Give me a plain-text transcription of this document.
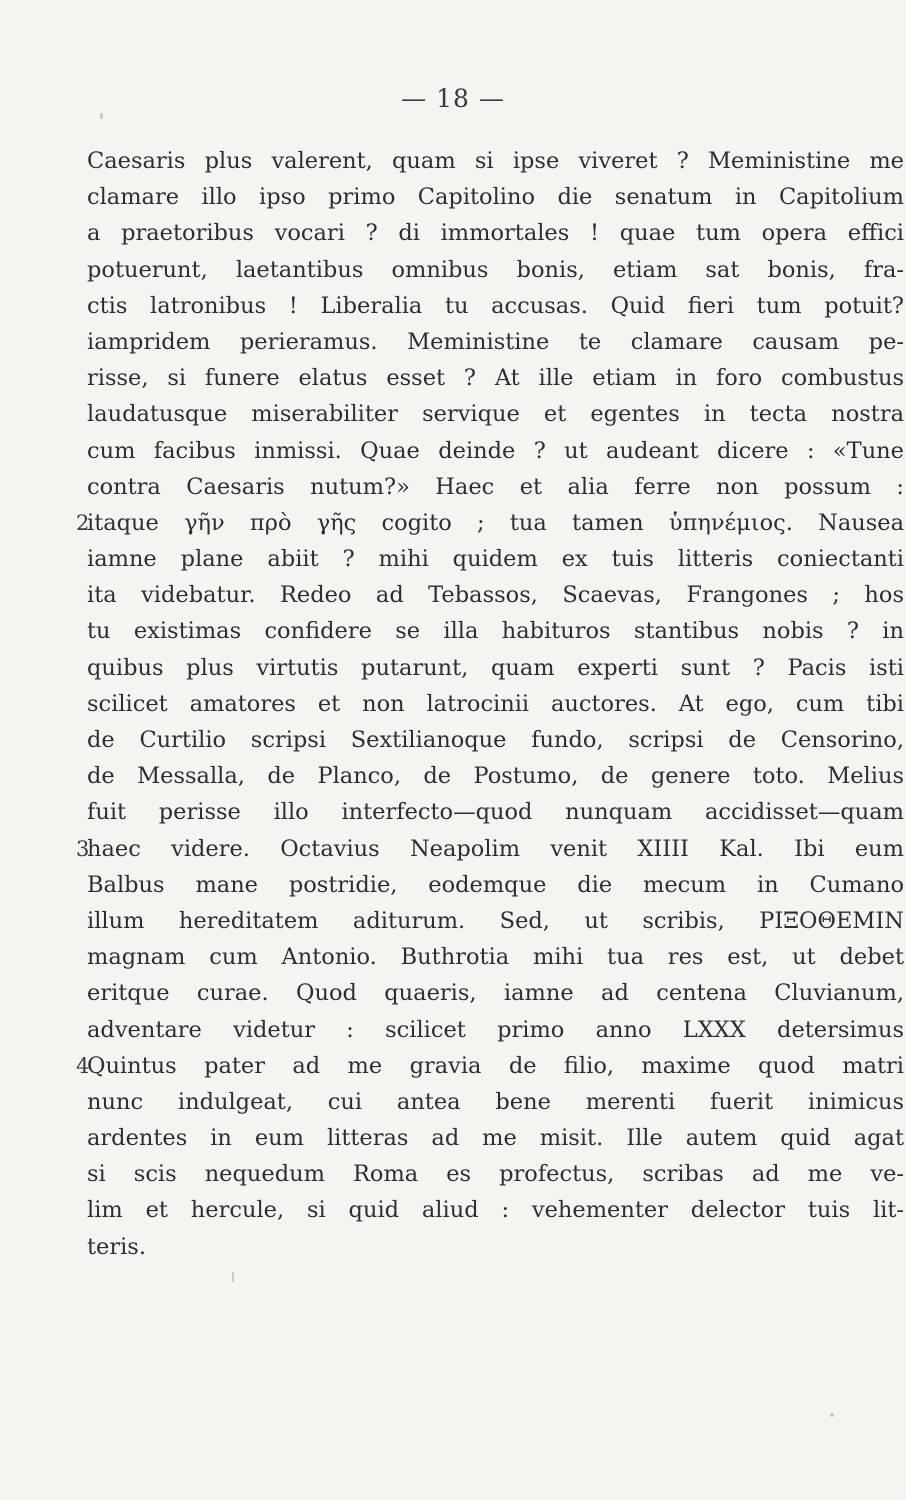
— 18 —
Caesaris plus valerent, quam si ipse viveret ? Meministine me
clamare illo ipso primo Capitolino die senatum in Capitolium
a praetoribus vocari ? di immortales ! quae tum opera effici
potuerunt, laetantibus omnibus bonis, etiam sat bonis, fra-
ctis latronibus ! Liberalia tu accusas. Quid fieri tum potuit?
iampridem perieramus. Meministine te clamare causam pe-
risse, si funere elatus esset ? At ille etiam in foro combustus
laudatusque miserabiliter servique et egentes in tecta nostra
cum facibus inmissi. Quae deinde ? ut audeant dicere : «Tune
contra Caesaris nutum?» Haec et alia ferre non possum :
2
itaque γῆν πρὸ γῆς cogito ; tua tamen ὑπηνέμιος. Nausea
iamne plane abiit ? mihi quidem ex tuis litteris coniectanti
ita videbatur. Redeo ad Tebassos, Scaevas, Frangones ; hos
tu existimas confidere se illa habituros stantibus nobis ? in
quibus plus virtutis putarunt, quam experti sunt ? Pacis isti
scilicet amatores et non latrocinii auctores. At ego, cum tibi
de Curtilio scripsi Sextilianoque fundo, scripsi de Censorino,
de Messalla, de Planco, de Postumo, de genere toto. Melius
fuit perisse illo interfecto—quod nunquam accidisset—quam
3
haec videre. Octavius Neapolim venit XIIII Kal. Ibi eum
Balbus mane postridie, eodemque die mecum in Cumano
illum hereditatem aditurum. Sed, ut scribis, ΡΙΞΟΘΕΜΙΝ
magnam cum Antonio. Buthrotia mihi tua res est, ut debet
eritque curae. Quod quaeris, iamne ad centena Cluvianum,
adventare videtur : scilicet primo anno LXXX detersimus
4
Quintus pater ad me gravia de filio, maxime quod matri
nunc indulgeat, cui antea bene merenti fuerit inimicus
ardentes in eum litteras ad me misit. Ille autem quid agat
si scis nequedum Roma es profectus, scribas ad me ve-
lim et hercule, si quid aliud : vehementer delector tuis lit-
teris.
